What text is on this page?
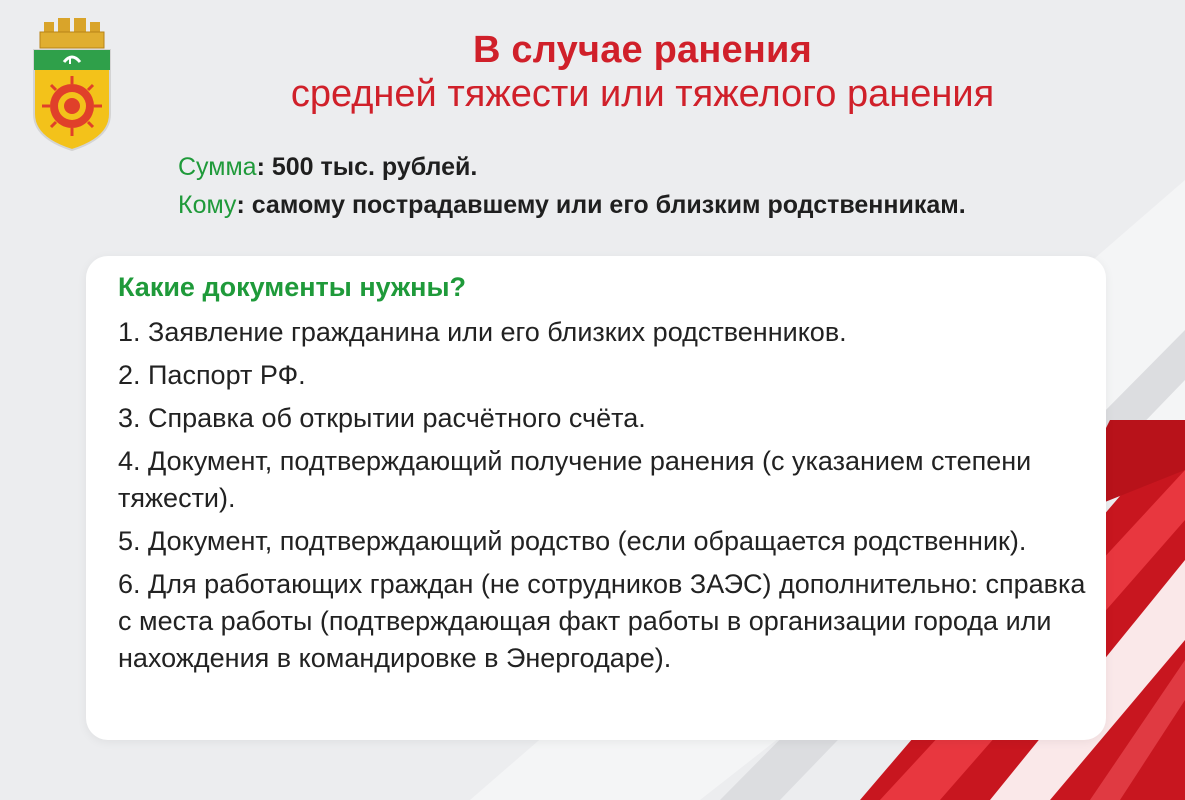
В случае ранения
средней тяжести или тяжелого ранения
Сумма: 500 тыс. рублей.
Кому: самому пострадавшему или его близким родственникам.
Какие документы нужны?
1. Заявление гражданина или его близких родственников.
2. Паспорт РФ.
3. Справка об открытии расчётного счёта.
4. Документ, подтверждающий получение ранения (с указанием степени тяжести).
5. Документ, подтверждающий родство (если обращается родственник).
6. Для работающих граждан (не сотрудников ЗАЭС) дополнительно: справка с места работы (подтверждающая факт работы в организации города или нахождения в командировке в Энергодаре).
